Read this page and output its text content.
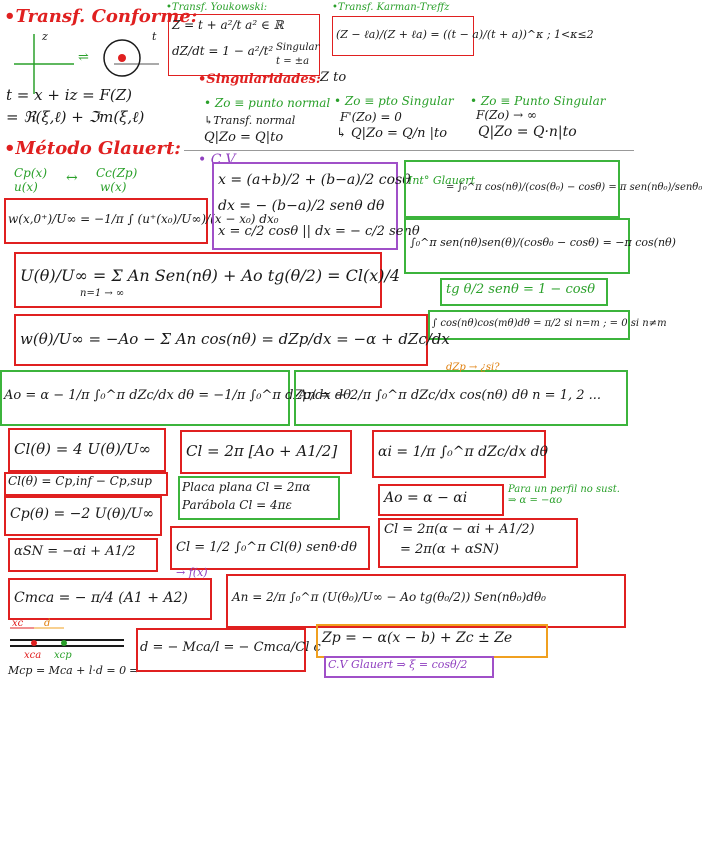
•Transf. Conforme:
z	t
⇌
t = x + iz = F(Z)
= ℜ(ξ,ℓ) + ℑm(ξ,ℓ)
•Transf. Youkowski:
Z = t + a²/t a² ∈ ℝ
dZ/dt = 1 − a²/t² Singular
t = ±a
•Transf. Karman-Treffz
(Z − ℓa)/(Z + ℓa) = ((t − a)/(t + a))^κ ; 1<κ≤2
•Singularidades:
• Zo ≡ punto normal
↳Transf. normal
Q|Zo = Q|to
Z to
• Zo ≡ pto Singular
F'(Zo) = 0
↳ Q|Zo = Q/n |to
• Zo ≡ Punto Singular
F(Zo) → ∞
Q|Zo = Q·n|to
•Método Glauert:
Cp(x)
u(x)
↔ Cc(Zp)
w(x)
• C.V
w(x,0⁺)/U∞ = −1/π ∫ (u⁺(x₀)/U∞)/(x − x₀) dx₀
x = (a+b)/2 + (b−a)/2 cosθ
dx = − (b−a)/2 senθ dθ
x = c/2 cosθ || dx = − c/2 senθ
Int° Glauert
= ∫₀^π cos(nθ)/(cos(θ₀) − cosθ) = π sen(nθ₀)/senθ₀
∫₀^π sen(nθ)sen(θ)/(cosθ₀ − cosθ) = −π cos(nθ)
tg θ/2 senθ = 1 − cosθ
∫ cos(nθ)cos(mθ)dθ = π/2 si n=m ; = 0 si n≠m
U(θ)/U∞ = Σ An Sen(nθ) + Ao tg(θ/2) = Cl(x)/4
n=1 → ∞
w(θ)/U∞ = −Ao − Σ An cos(nθ) = dZp/dx = −α + dZc/dx
Ao = α − 1/π ∫₀^π dZc/dx dθ = −1/π ∫₀^π dZp/dx dθ
An = − 2/π ∫₀^π dZc/dx cos(nθ) dθ n = 1, 2 ...
dZp → ¿si?
Cl(θ) = 4 U(θ)/U∞
Cl(θ) = Cp,inf − Cp,sup
Cl = 2π [Ao + A1/2]	αi = 1/π ∫₀^π dZc/dx dθ
Placa plana Cl = 2πα
Parábola Cl = 4πε	Ao = α − αi
Para un perfil no sust. ⇒ α = −αo
Cp(θ) = −2 U(θ)/U∞
Cl = 2π(α − αi + A1/2)
= 2π(α + αSN)
αSN = −αi + A1/2	Cl = 1/2 ∫₀^π Cl(θ) senθ·dθ
→ f(x)
Cmca = − π/4 (A1 + A2)	An = 2/π ∫₀^π (U(θ₀)/U∞ − Ao tg(θ₀/2)) Sen(nθ₀)dθ₀
xc d
xca xcp
Mcp = Mca + l·d = 0 ⇒
d = − Mca/l = − Cmca/Cl c
Zp = − α(x − b) + Zc ± Ze
C.V Glauert ⇒ ξ = cosθ/2
